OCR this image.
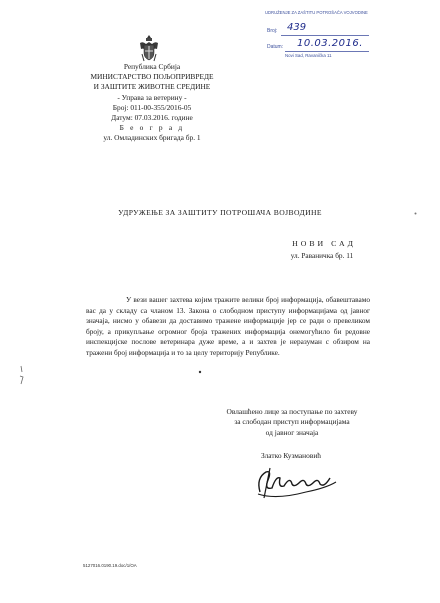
Република Србија
МИНИСТАРСТВО ПОЉОПРИВРЕДЕ
И ЗАШТИТЕ ЖИВОТНЕ СРЕДИНЕ
- Управа за ветерину -
Број: 011-00-355/2016-05
Датум: 07.03.2016. године
Б е о г р а д
ул. Омладинских бригада бр. 1
UDRUŽENJE ZA ZAŠTITU POTROŠAČA VOJVODINE
Broj: 439
Datum: 10.03.2016.
Novi Sad, Ravanička 11
УДРУЖЕЊЕ ЗА ЗАШТИТУ ПОТРОШАЧА ВОЈВОДИНЕ
НОВИ САД
ул. Раваничка бр. 11
У вези вашег захтева којим тражите велики број информација, обавештавамо вас да у складу са чланом 13. Закона о слободном приступу информацијама од јавног значаја, нисмо у обавези да доставимо тражене информације јер се ради о превеликом броју, а прикупљање огромног броја тражених информација онемогућило би редовне инспекцијске послове ветеринара дуже време, а и захтев је неразуман с обзиром на тражени број информација и то за целу територију Републике.
Овлашћено лице за поступање по захтеву
за слободан приступ информацијама
од јавног значаја
Златко Кузмановић
5127016.0190.19.doc/1/OA
